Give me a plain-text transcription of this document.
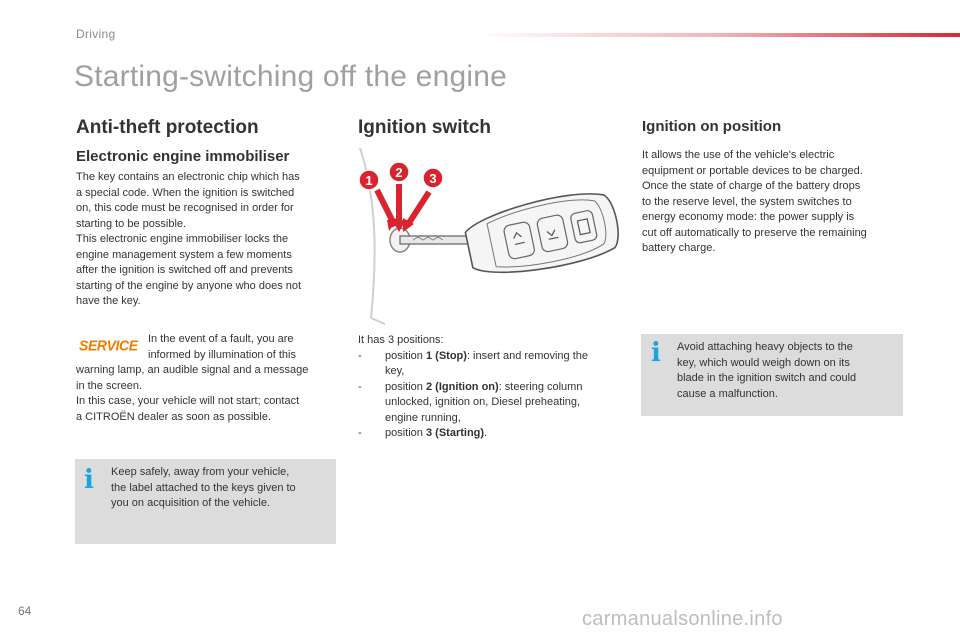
Driving
Starting-switching off the engine
Anti-theft protection
Electronic engine immobiliser
The key contains an electronic chip which has
a special code. When the ignition is switched
on, this code must be recognised in order for
starting to be possible.
This electronic engine immobiliser locks the
engine management system a few moments
after the ignition is switched off and prevents
starting of the engine by anyone who does not
have the key.
SERVICE In the event of a fault, you are
informed by illumination of this
warning lamp, an audible signal and a message
in the screen.
In this case, your vehicle will not start; contact
a CITROËN dealer as soon as possible.
i Keep safely, away from your vehicle,
the label attached to the keys given to
you on acquisition of the vehicle.
Ignition switch
1
2 3
It has 3 positions:
- position 1 (Stop): insert and removing the
key,
- position 2 (Ignition on): steering column
unlocked, ignition on, Diesel preheating,
engine running,
- position 3 (Starting).
Ignition on position
It allows the use of the vehicle's electric
equipment or portable devices to be charged.
Once the state of charge of the battery drops
to the reserve level, the system switches to
energy economy mode: the power supply is
cut off automatically to preserve the remaining
battery charge.
i Avoid attaching heavy objects to the
key, which would weigh down on its
blade in the ignition switch and could
cause a malfunction.
64	carmanualsonline.info
